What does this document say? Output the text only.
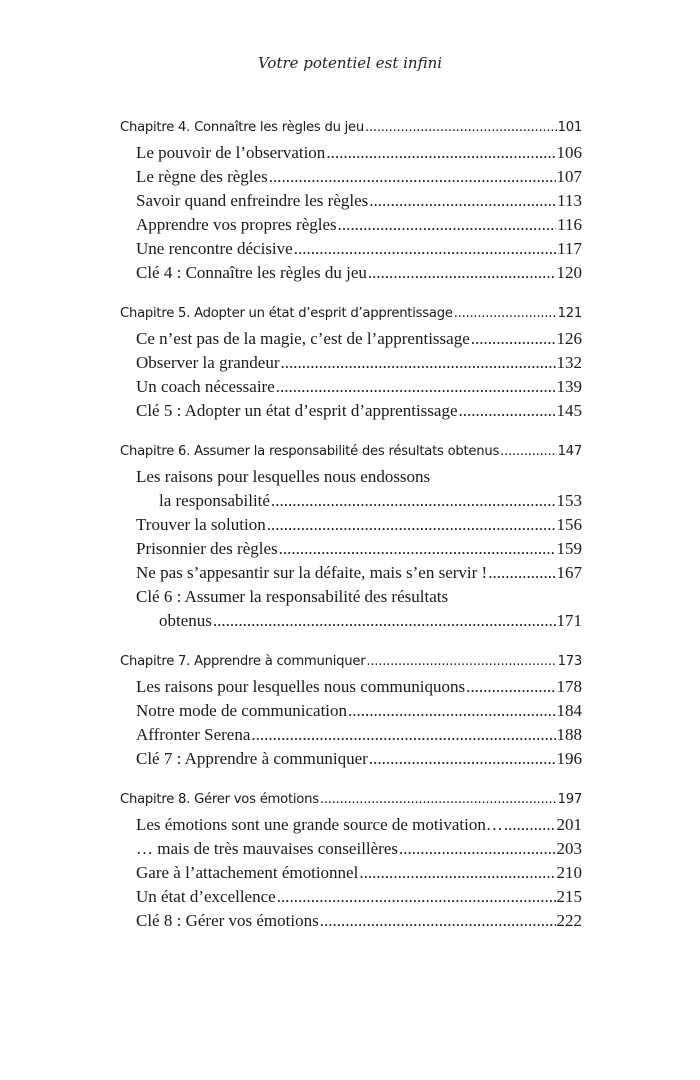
Votre potentiel est infini
Chapitre 4. Connaître les règles du jeu .....	101
Le pouvoir de l’observation .....	106
Le règne des règles .....	107
Savoir quand enfreindre les règles .....	113
Apprendre vos propres règles .....	116
Une rencontre décisive .....	117
Clé 4 : Connaître les règles du jeu .....	120
Chapitre 5. Adopter un état d’esprit d’apprentissage .....	121
Ce n’est pas de la magie, c’est de l’apprentissage .....	126
Observer la grandeur .....	132
Un coach nécessaire .....	139
Clé 5 : Adopter un état d’esprit d’apprentissage .....	145
Chapitre 6. Assumer la responsabilité des résultats obtenus .....	147
Les raisons pour lesquelles nous endossons
la responsabilité .....	153
Trouver la solution .....	156
Prisonnier des règles .....	159
Ne pas s’appesantir sur la défaite, mais s’en servir ! .....	167
Clé 6 : Assumer la responsabilité des résultats
obtenus .....	171
Chapitre 7. Apprendre à communiquer .....	173
Les raisons pour lesquelles nous communiquons .....	178
Notre mode de communication .....	184
Affronter Serena .....	188
Clé 7 : Apprendre à communiquer .....	196
Chapitre 8. Gérer vos émotions .....	197
Les émotions sont une grande source de motivation… .....	201
… mais de très mauvaises conseillères .....	203
Gare à l’attachement émotionnel .....	210
Un état d’excellence .....	215
Clé 8 : Gérer vos émotions .....	222
